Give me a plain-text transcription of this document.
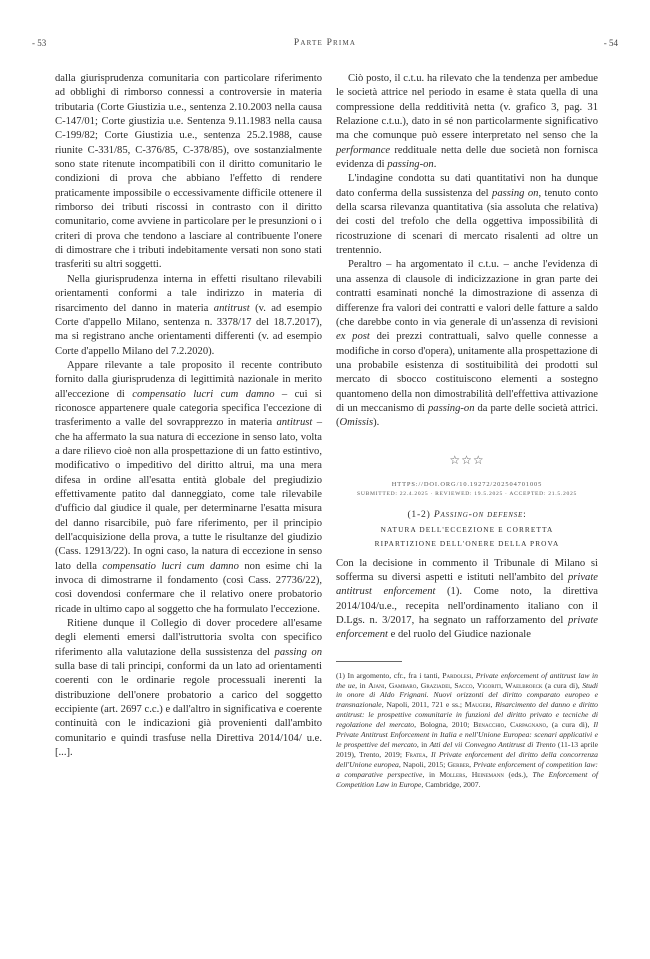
- 53	Parte Prima	- 54

dalla giurisprudenza comunitaria con particolare riferimento ad obblighi di rimborso connessi a controversie in materia tributaria (Corte Giustizia u.e., sentenza 2.10.2003 nella causa C-147/01; Corte giustizia u.e. Sentenza 9.11.1983 nella causa C-199/82; Corte Giustizia u.e., sentenza 25.2.1988, cause riunite C-331/85, C-376/85, C-378/85), ove sostanzialmente sono state ritenute incompatibili con il diritto comunitario le condizioni di prova che abbiano l'effetto di rendere praticamente impossibile o eccessivamente difficile ottenere il rimborso dei tributi riscossi in contrasto con il diritto comunitario, come avviene in particolare per le presunzioni o i criteri di prova che tendono a lasciare al contribuente l'onere di dimostrare che i tributi indebitamente versati non sono stati trasferiti su altri soggetti.

Nella giurisprudenza interna in effetti risultano rilevabili orientamenti conformi a tale indirizzo in materia di risarcimento del danno in materia antitrust (v. ad esempio Corte d'appello Milano, sentenza n. 3378/17 del 18.7.2017), ma si registrano anche orientamenti differenti (v. ad esempio Corte d'appello Milano del 7.2.2020).

Appare rilevante a tale proposito il recente contributo fornito dalla giurisprudenza di legittimità nazionale in merito all'eccezione di compensatio lucri cum damno – cui si riconosce appartenere quale categoria specifica l'eccezione di trasferimento a valle del sovrapprezzo in materia antitrust – che ha affermato la sua natura di eccezione in senso lato, volta a dare rilievo cioè non alla prospettazione di un fatto estintivo, modificativo o impeditivo del diritto altrui, ma una mera difesa in ordine all'esatta entità globale del pregiudizio effettivamente patito dal danneggiato, come tale rilevabile d'ufficio dal giudice il quale, per determinarne l'esatta misura del danno risarcibile, può fare riferimento, per il principio dell'acquisizione della prova, a tutte le risultanze del giudizio (Cass. 12913/22). In ogni caso, la natura di eccezione in senso lato della compensatio lucri cum damno non esime chi la invoca di dimostrarne il fondamento (così Cass. 27736/22), così dovendosi confermare che il relativo onere probatorio ricade in ultimo capo al soggetto che ha formulato l'eccezione.

Ritiene dunque il Collegio di dover procedere all'esame degli elementi emersi dall'istruttoria svolta con specifico riferimento alla valutazione della sussistenza del passing on sulla base di tali principi, conformi da un lato ad orientamenti coerenti con le ordinarie regole processuali inerenti la distribuzione dell'onere probatorio a carico del soggetto eccipiente (art. 2697 c.c.) e dall'altro in significativa e coerente continuità con le indicazioni già provenienti dall'ambito comunitario e quindi trasfuse nella Direttiva 2014/104/ u.e. [...].

Ciò posto, il c.t.u. ha rilevato che la tendenza per ambedue le società attrice nel periodo in esame è stata quella di una compressione della redditività netta (v. grafico 3, pag. 31 Relazione c.t.u.), dato in sé non particolarmente significativo ma che comunque può essere interpretato nel senso che la performance reddituale netta delle due società non fornisca evidenza di passing-on.

L'indagine condotta su dati quantitativi non ha dunque dato conferma della sussistenza del passing on, tenuto conto della scarsa rilevanza quantitativa (sia assoluta che relativa) dei costi del trefolo che della oggettiva impossibilità di ricostruzione di scenari di mercato risalenti ad oltre un trentennio.

Peraltro – ha argomentato il c.t.u. – anche l'evidenza di una assenza di clausole di indicizzazione in gran parte dei contratti esaminati nonché la dimostrazione di assenza di differenze fra valori dei contratti e valori delle fatture a saldo (che darebbe conto in via generale di un'assenza di revisioni ex post dei prezzi contrattuali, salvo quelle connesse a modifiche in corso d'opera), unitamente alla prospettazione di una probabile esistenza di sostituibilità dei prodotti sul mercato di sbocco costituiscono elementi a sostegno quantomeno della non dimostrabilità dell'effettiva attivazione di un meccanismo di passing-on da parte delle società attrici. (Omissis).

☆☆☆
HTTPS://DOI.ORG/10.19272/202504701005
SUBMITTED: 22.4.2025 · REVIEWED: 19.5.2025 · ACCEPTED: 21.5.2025
(1-2) Passing-on defense:
NATURA DELL'ECCEZIONE E CORRETTA
RIPARTIZIONE DELL'ONERE DELLA PROVA

Con la decisione in commento il Tribunale di Milano si sofferma su diversi aspetti e istituti nell'ambito del private antitrust enforcement (1). Come noto, la direttiva 2014/104/u.e., recepita nell'ordinamento italiano con il D.Lgs. n. 3/2017, ha segnato un rafforzamento del private enforcement e del ruolo del Giudice nazionale

(1) In argomento, cfr., fra i tanti, Pardolesi, Private enforcement of antitrust law in the ue, in Ajani, Gambaro, Graziadei, Sacco, Vigoriti, Waelbroeck (a cura di), Studi in onore di Aldo Frignani. Nuovi orizzonti del diritto comparato europeo e transnazionale, Napoli, 2011, 721 e ss.; Maugeri, Risarcimento del danno e diritto antitrust: le prospettive comunitarie in funzioni del diritto privato e tecniche di regolazione del mercato, Bologna, 2010; Benacchio, Carpagnano, (a cura di), Il Private Antitrust Enforcement in Italia e nell'Unione Europea: scenari applicativi e le prospettive del mercato, in Atti del vii Convegno Antitrust di Trento (11-13 aprile 2019), Trento, 2019; Fratea, Il Private enforcement del diritto della concorrenza dell'Unione europea, Napoli, 2015; Gerber, Private enforcement of competition law: a comparative perspective, in Mollers, Heinemann (eds.), The Enforcement of Competition Law in Europe, Cambridge, 2007.
